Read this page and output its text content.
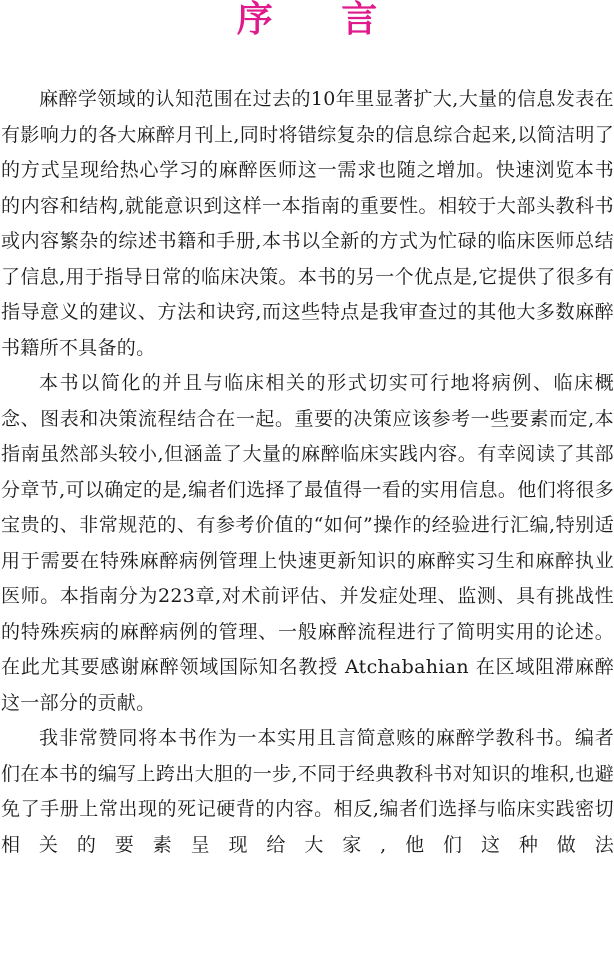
序 言

麻醉学领域的认知范围在过去的10年里显著扩大,大量的信息发表在有影响力的各大麻醉月刊上,同时将错综复杂的信息综合起来,以简洁明了的方式呈现给热心学习的麻醉医师这一需求也随之增加。快速浏览本书的内容和结构,就能意识到这样一本指南的重要性。相较于大部头教科书或内容繁杂的综述书籍和手册,本书以全新的方式为忙碌的临床医师总结了信息,用于指导日常的临床决策。本书的另一个优点是,它提供了很多有指导意义的建议、方法和诀窍,而这些特点是我审查过的其他大多数麻醉书籍所不具备的。

本书以简化的并且与临床相关的形式切实可行地将病例、临床概念、图表和决策流程结合在一起。重要的决策应该参考一些要素而定,本指南虽然部头较小,但涵盖了大量的麻醉临床实践内容。有幸阅读了其部分章节,可以确定的是,编者们选择了最值得一看的实用信息。他们将很多宝贵的、非常规范的、有参考价值的“如何”操作的经验进行汇编,特别适用于需要在特殊麻醉病例管理上快速更新知识的麻醉实习生和麻醉执业医师。本指南分为223章,对术前评估、并发症处理、监测、具有挑战性的特殊疾病的麻醉病例的管理、一般麻醉流程进行了简明实用的论述。在此尤其要感谢麻醉领域国际知名教授 Atchabahian 在区域阻滞麻醉这一部分的贡献。

我非常赞同将本书作为一本实用且言简意赅的麻醉学教科书。编者们在本书的编写上跨出大胆的一步,不同于经典教科书对知识的堆积,也避免了手册上常出现的死记硬背的内容。相反,编者们选择与临床实践密切相关的要素呈现给大家,他们这种做法
